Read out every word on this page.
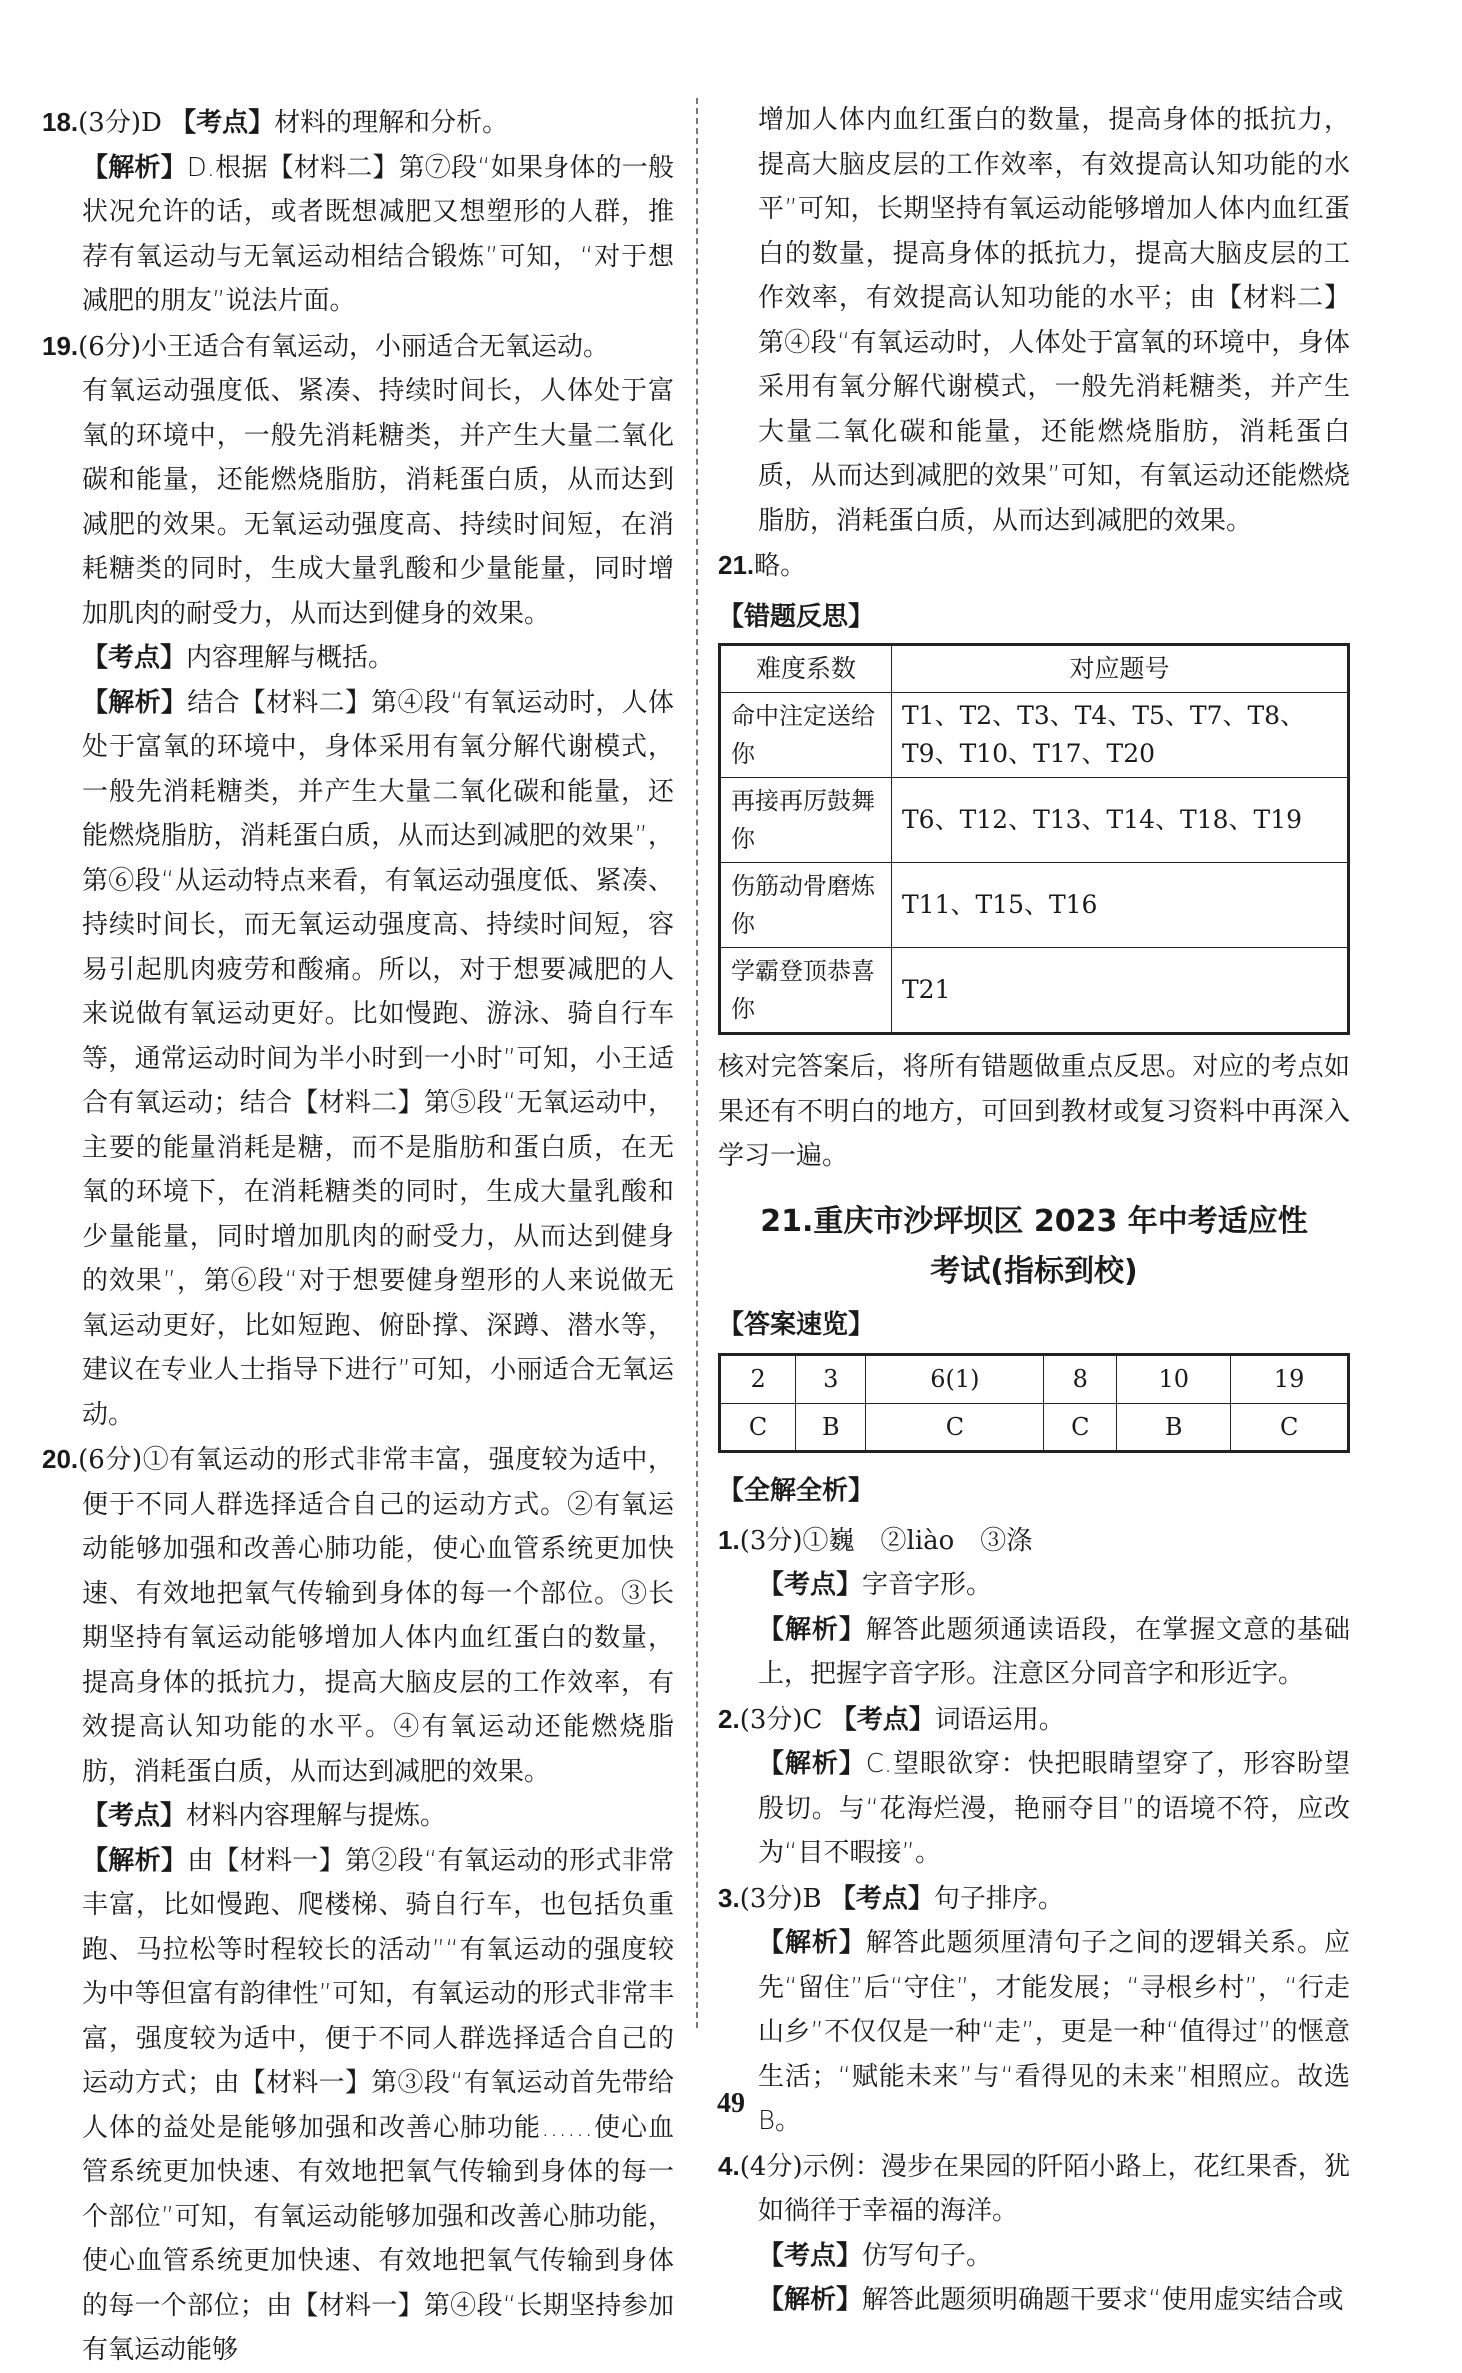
18.(3分)D 【考点】材料的理解和分析。

【解析】D.根据【材料二】第⑦段“如果身体的一般状况允许的话，或者既想减肥又想塑形的人群，推荐有氧运动与无氧运动相结合锻炼”可知，“对于想减肥的朋友”说法片面。

19.(6分)小王适合有氧运动，小丽适合无氧运动。

有氧运动强度低、紧凑、持续时间长，人体处于富氧的环境中，一般先消耗糖类，并产生大量二氧化碳和能量，还能燃烧脂肪，消耗蛋白质，从而达到减肥的效果。无氧运动强度高、持续时间短，在消耗糖类的同时，生成大量乳酸和少量能量，同时增加肌肉的耐受力，从而达到健身的效果。

【考点】内容理解与概括。

【解析】结合【材料二】第④段“有氧运动时，人体处于富氧的环境中，身体采用有氧分解代谢模式，一般先消耗糖类，并产生大量二氧化碳和能量，还能燃烧脂肪，消耗蛋白质，从而达到减肥的效果”，第⑥段“从运动特点来看，有氧运动强度低、紧凑、持续时间长，而无氧运动强度高、持续时间短，容易引起肌肉疲劳和酸痛。所以，对于想要减肥的人来说做有氧运动更好。比如慢跑、游泳、骑自行车等，通常运动时间为半小时到一小时”可知，小王适合有氧运动；结合【材料二】第⑤段“无氧运动中，主要的能量消耗是糖，而不是脂肪和蛋白质，在无氧的环境下，在消耗糖类的同时，生成大量乳酸和少量能量，同时增加肌肉的耐受力，从而达到健身的效果”，第⑥段“对于想要健身塑形的人来说做无氧运动更好，比如短跑、俯卧撑、深蹲、潜水等，建议在专业人士指导下进行”可知，小丽适合无氧运动。

20.(6分)①有氧运动的形式非常丰富，强度较为适中，便于不同人群选择适合自己的运动方式。②有氧运动能够加强和改善心肺功能，使心血管系统更加快速、有效地把氧气传输到身体的每一个部位。③长期坚持有氧运动能够增加人体内血红蛋白的数量，提高身体的抵抗力，提高大脑皮层的工作效率，有效提高认知功能的水平。④有氧运动还能燃烧脂肪，消耗蛋白质，从而达到减肥的效果。

【考点】材料内容理解与提炼。

【解析】由【材料一】第②段“有氧运动的形式非常丰富，比如慢跑、爬楼梯、骑自行车，也包括负重跑、马拉松等时程较长的活动”“有氧运动的强度较为中等但富有韵律性”可知，有氧运动的形式非常丰富，强度较为适中，便于不同人群选择适合自己的运动方式；由【材料一】第③段“有氧运动首先带给人体的益处是能够加强和改善心肺功能……使心血管系统更加快速、有效地把氧气传输到身体的每一个部位”可知，有氧运动能够加强和改善心肺功能，使心血管系统更加快速、有效地把氧气传输到身体的每一个部位；由【材料一】第④段“长期坚持参加有氧运动能够

增加人体内血红蛋白的数量，提高身体的抵抗力，提高大脑皮层的工作效率，有效提高认知功能的水平”可知，长期坚持有氧运动能够增加人体内血红蛋白的数量，提高身体的抵抗力，提高大脑皮层的工作效率，有效提高认知功能的水平；由【材料二】第④段“有氧运动时，人体处于富氧的环境中，身体采用有氧分解代谢模式，一般先消耗糖类，并产生大量二氧化碳和能量，还能燃烧脂肪，消耗蛋白质，从而达到减肥的效果”可知，有氧运动还能燃烧脂肪，消耗蛋白质，从而达到减肥的效果。

21.略。

【错题反思】
难度系数	对应题号
命中注定送给你	T1、T2、T3、T4、T5、T7、T8、T9、T10、T17、T20
再接再厉鼓舞你	T6、T12、T13、T14、T18、T19
伤筋动骨磨炼你	T11、T15、T16
学霸登顶恭喜你	T21

核对完答案后，将所有错题做重点反思。对应的考点如果还有不明白的地方，可回到教材或复习资料中再深入学习一遍。

21.重庆市沙坪坝区 2023 年中考适应性
考试(指标到校)
【答案速览】
2	3	6(1)	8	10	19
C	B	C	C	B	C
【全解全析】

1.(3分)①巍　②liào　③涤

【考点】字音字形。

【解析】解答此题须通读语段，在掌握文意的基础上，把握字音字形。注意区分同音字和形近字。

2.(3分)C 【考点】词语运用。

【解析】C.望眼欲穿：快把眼睛望穿了，形容盼望殷切。与“花海烂漫，艳丽夺目”的语境不符，应改为“目不暇接”。

3.(3分)B 【考点】句子排序。

【解析】解答此题须厘清句子之间的逻辑关系。应先“留住”后“守住”，才能发展；“寻根乡村”，“行走山乡”不仅仅是一种“走”，更是一种“值得过”的惬意生活；“赋能未来”与“看得见的未来”相照应。故选B。

4.(4分)示例：漫步在果园的阡陌小路上，花红果香，犹如徜徉于幸福的海洋。

【考点】仿写句子。

【解析】解答此题须明确题干要求“使用虚实结合或

49
